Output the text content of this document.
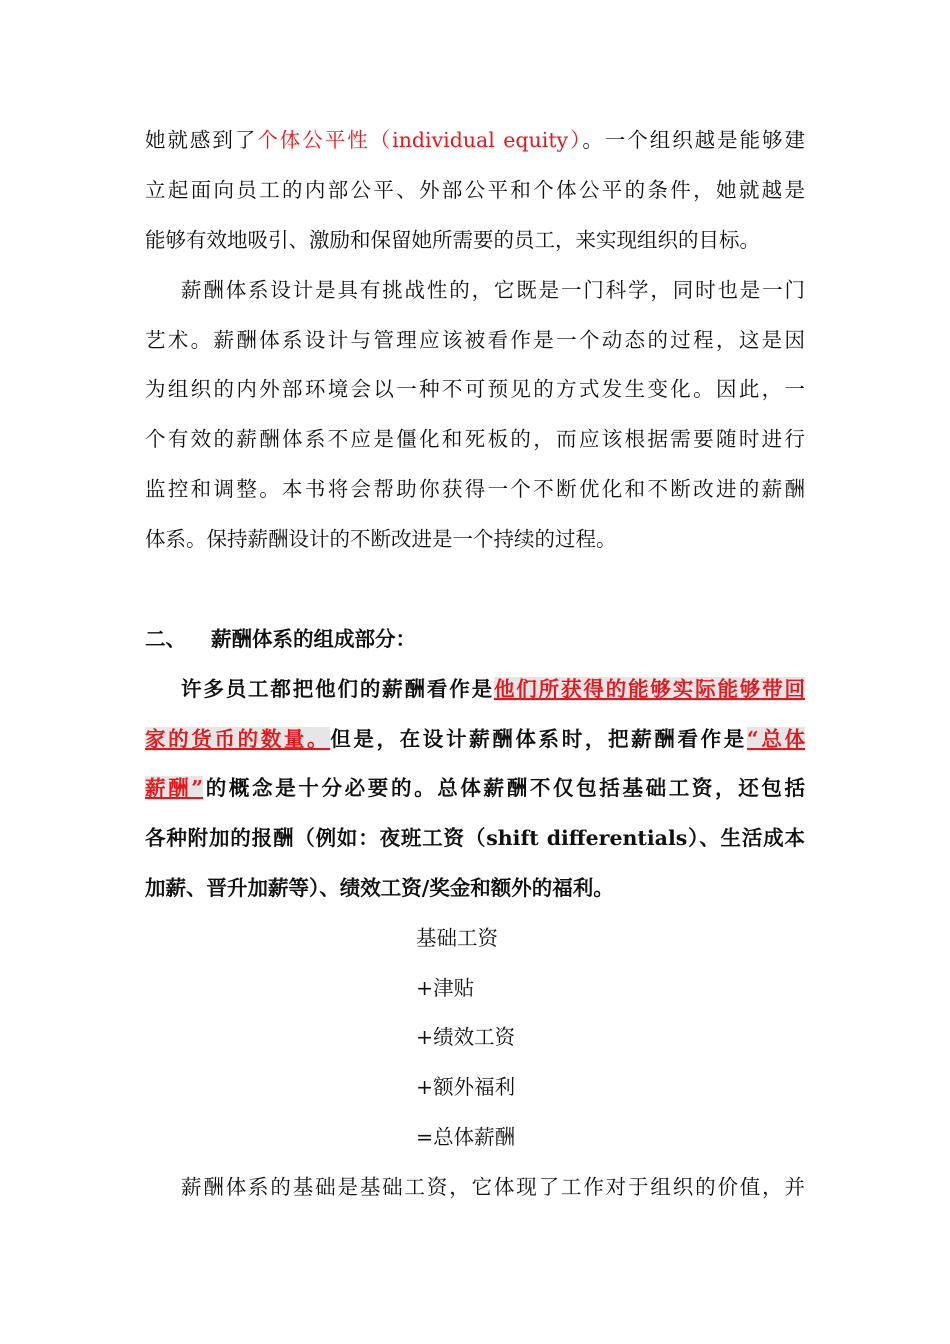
她就感到了个体公平性（individual equity）。一个组织越是能够建
立起面向员工的内部公平、外部公平和个体公平的条件，她就越是
能够有效地吸引、激励和保留她所需要的员工，来实现组织的目标。
薪酬体系设计是具有挑战性的，它既是一门科学，同时也是一门
艺术。薪酬体系设计与管理应该被看作是一个动态的过程，这是因
为组织的内外部环境会以一种不可预见的方式发生变化。因此，一
个有效的薪酬体系不应是僵化和死板的，而应该根据需要随时进行
监控和调整。本书将会帮助你获得一个不断优化和不断改进的薪酬
体系。保持薪酬设计的不断改进是一个持续的过程。
二、 薪酬体系的组成部分：
许多员工都把他们的薪酬看作是他们所获得的能够实际能够带回
家的货币的数量。但是，在设计薪酬体系时，把薪酬看作是“总体
薪酬”的概念是十分必要的。总体薪酬不仅包括基础工资，还包括
各种附加的报酬（例如：夜班工资（shift differentials）、生活成本
加薪、晋升加薪等）、绩效工资/奖金和额外的福利。
基础工资
+津贴
+绩效工资
+额外福利
=总体薪酬
薪酬体系的基础是基础工资，它体现了工作对于组织的价值，并
